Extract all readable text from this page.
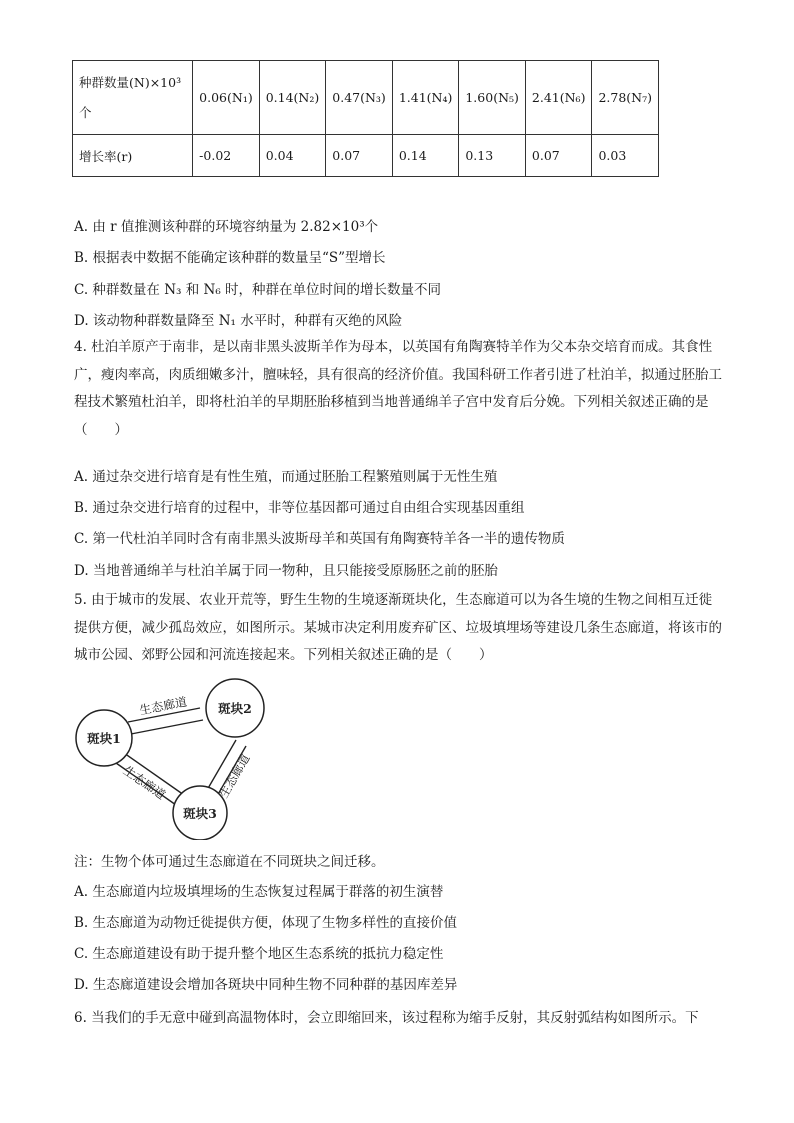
种群数量(N)×10³
个	0.06(N₁)	0.14(N₂)	0.47(N₃)	1.41(N₄)	1.60(N₅)	2.41(N₆)	2.78(N₇)
增长率(r)	-0.02	0.04	0.07	0.14	0.13	0.07	0.03
A. 由 r 值推测该种群的环境容纳量为 2.82×10³个
B. 根据表中数据不能确定该种群的数量呈“S”型增长
C. 种群数量在 N₃ 和 N₆ 时，种群在单位时间的增长数量不同
D. 该动物种群数量降至 N₁ 水平时，种群有灭绝的风险
4. 杜泊羊原产于南非，是以南非黑头波斯羊作为母本，以英国有角陶赛特羊作为父本杂交培育而成。其食性广，瘦肉率高，肉质细嫩多汁，膻味轻，具有很高的经济价值。我国科研工作者引进了杜泊羊，拟通过胚胎工程技术繁殖杜泊羊，即将杜泊羊的早期胚胎移植到当地普通绵羊子宫中发育后分娩。下列相关叙述正确的是（　　）
A. 通过杂交进行培育是有性生殖，而通过胚胎工程繁殖则属于无性生殖
B. 通过杂交进行培育的过程中，非等位基因都可通过自由组合实现基因重组
C. 第一代杜泊羊同时含有南非黑头波斯母羊和英国有角陶赛特羊各一半的遗传物质
D. 当地普通绵羊与杜泊羊属于同一物种，且只能接受原肠胚之前的胚胎
5. 由于城市的发展、农业开荒等，野生生物的生境逐渐斑块化，生态廊道可以为各生境的生物之间相互迁徙提供方便，减少孤岛效应，如图所示。某城市决定利用废弃矿区、垃圾填埋场等建设几条生态廊道，将该市的城市公园、郊野公园和河流连接起来。下列相关叙述正确的是（　　）
斑块1
斑块2
斑块3
生态廊道
生态廊道	生态廊道
注：生物个体可通过生态廊道在不同斑块之间迁移。
A. 生态廊道内垃圾填埋场的生态恢复过程属于群落的初生演替
B. 生态廊道为动物迁徙提供方便，体现了生物多样性的直接价值
C. 生态廊道建设有助于提升整个地区生态系统的抵抗力稳定性
D. 生态廊道建设会增加各斑块中同种生物不同种群的基因库差异
6. 当我们的手无意中碰到高温物体时，会立即缩回来，该过程称为缩手反射，其反射弧结构如图所示。下
